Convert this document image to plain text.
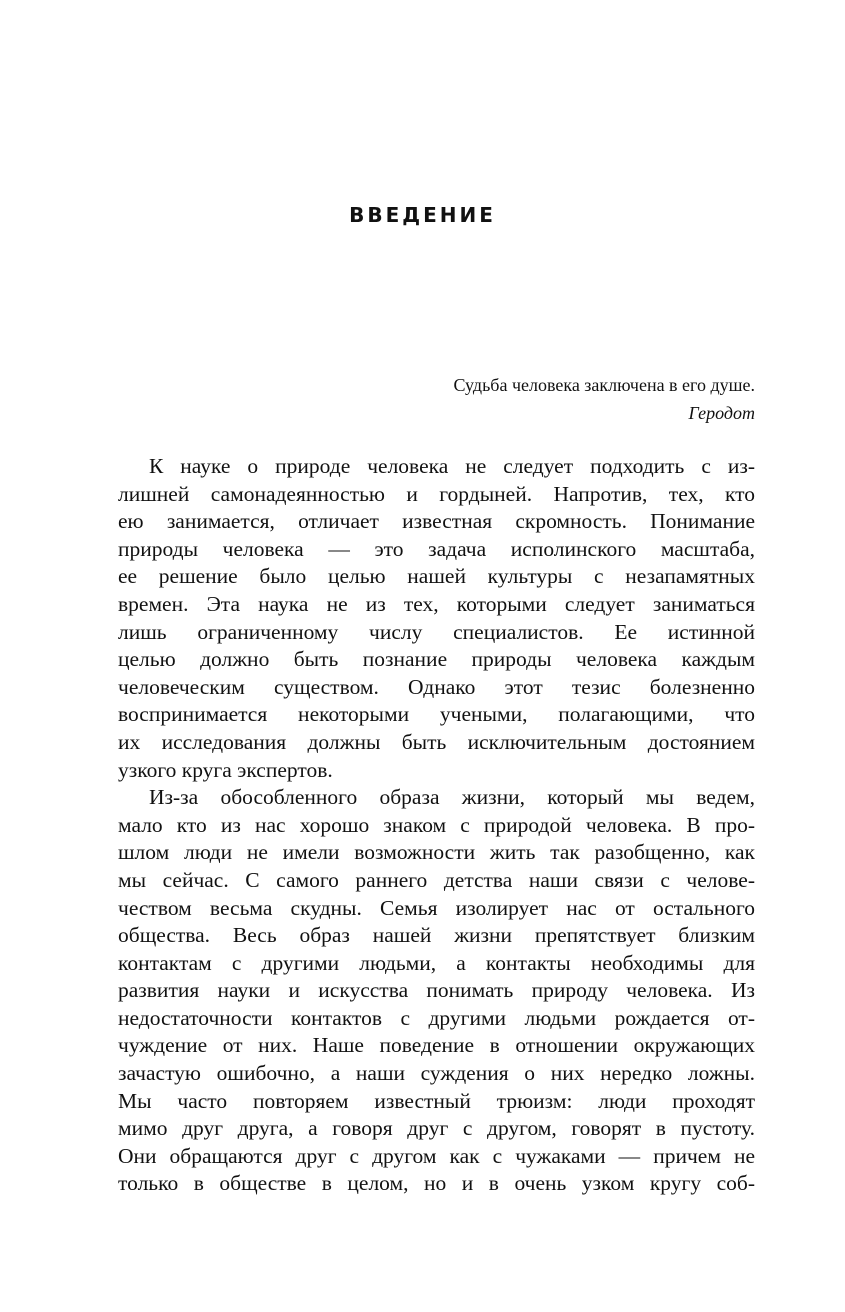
ВВЕДЕНИЕ
Судьба человека заключена в его душе.
Геродот
К науке о природе человека не следует подходить с из-
лишней самонадеянностью и гордыней. Напротив, тех, кто
ею занимается, отличает известная скромность. Понимание
природы человека — это задача исполинского масштаба,
ее решение было целью нашей культуры с незапамятных
времен. Эта наука не из тех, которыми следует заниматься
лишь ограниченному числу специалистов. Ее истинной
целью должно быть познание природы человека каждым
человеческим существом. Однако этот тезис болезненно
воспринимается некоторыми учеными, полагающими, что
их исследования должны быть исключительным достоянием
узкого круга экспертов.
Из-за обособленного образа жизни, который мы ведем,
мало кто из нас хорошо знаком с природой человека. В про-
шлом люди не имели возможности жить так разобщенно, как
мы сейчас. С самого раннего детства наши связи с челове-
чеством весьма скудны. Семья изолирует нас от остального
общества. Весь образ нашей жизни препятствует близким
контактам с другими людьми, а контакты необходимы для
развития науки и искусства понимать природу человека. Из
недостаточности контактов с другими людьми рождается от-
чуждение от них. Наше поведение в отношении окружающих
зачастую ошибочно, а наши суждения о них нередко ложны.
Мы часто повторяем известный трюизм: люди проходят
мимо друг друга, а говоря друг с другом, говорят в пустоту.
Они обращаются друг с другом как с чужаками — причем не
только в обществе в целом, но и в очень узком кругу соб-
